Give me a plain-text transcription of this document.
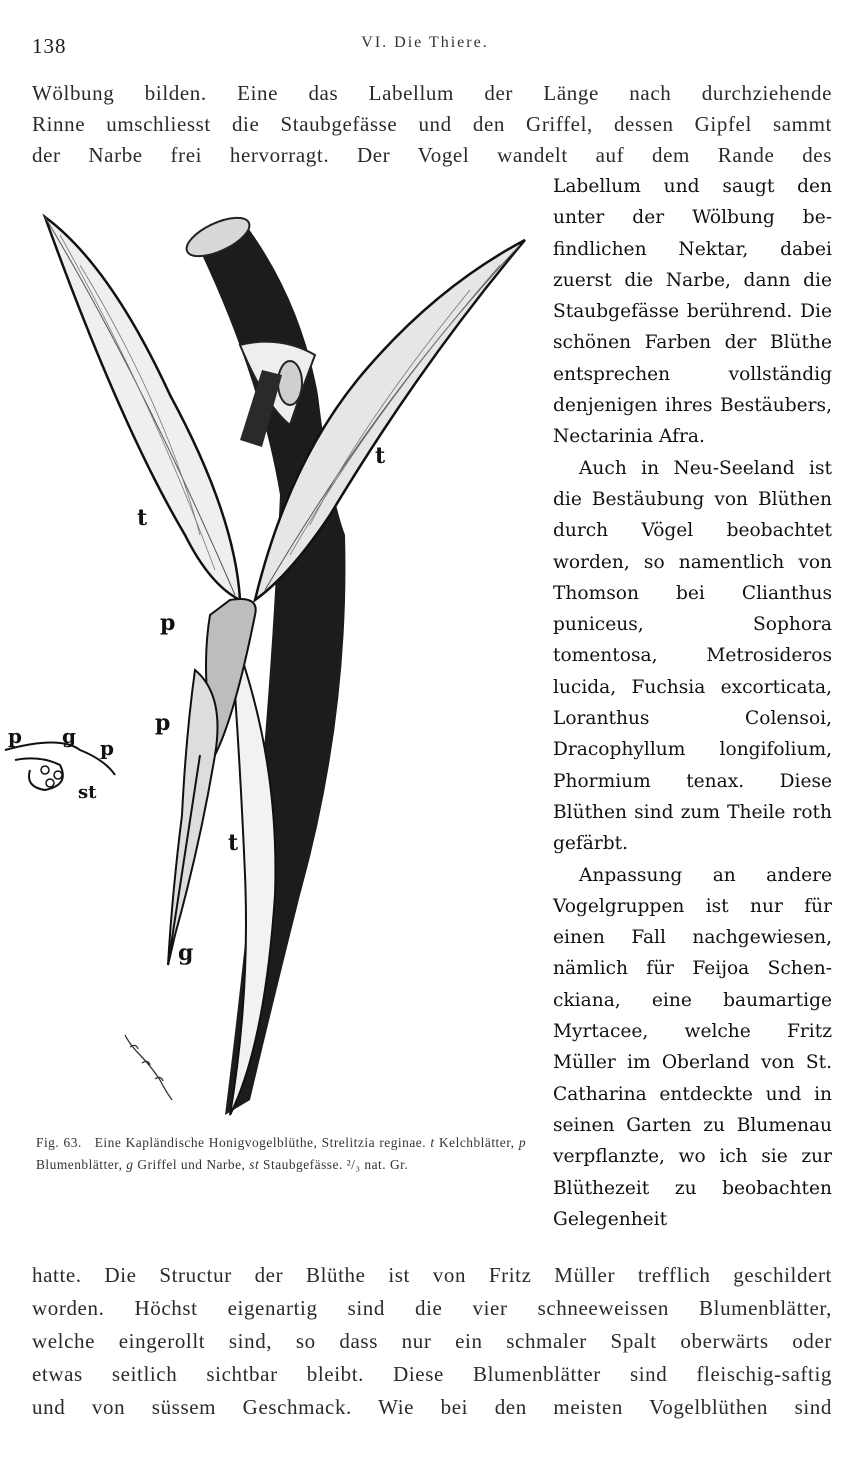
138	VI. Die Thiere.
Wölbung bilden. Eine das Labellum der Länge nach durchziehende
Rinne umschliesst die Staubgefässe und den Griffel, dessen Gipfel sammt
der Narbe frei hervorragt. Der Vogel wandelt auf dem Rande des

Labellum und saugt den unter der Wölbung befindlichen Nektar, dabei zuerst die Narbe, dann die Staubgefässe berührend. Die schönen Farben der Blüthe entsprechen vollständig denjenigen ihres Bestäubers, Nectarinia Afra.

Auch in Neu-Seeland ist die Bestäubung von Blüthen durch Vögel beobachtet worden, so namentlich von Thomson bei Clianthus puniceus, Sophora tomentosa, Metrosideros lucida, Fuchsia excorticata, Loranthus Colensoi, Dracophyllum longifolium, Phormium tenax. Diese Blüthen sind zum Theile roth gefärbt.

Anpassung an andere Vogelgruppen ist nur für einen Fall nachgewiesen, nämlich für Feijoa Schenckiana, eine baumartige Myrtacee, welche Fritz Müller im Oberland von St. Catharina entdeckte und in seinen Garten zu Blumenau verpflanzte, wo ich sie zur Blüthezeit zu beobachten Gelegenheit

t
t
t
p
p
g
p g p
st
Fig. 63. Eine Kapländische Honigvogelblüthe, Strelitzia reginae. t Kelchblätter, p Blumenblätter, g Griffel und Narbe, st Staubgefässe. ²/₃ nat. Gr.
hatte. Die Structur der Blüthe ist von Fritz Müller trefflich geschildert
worden. Höchst eigenartig sind die vier schneeweissen Blumenblätter,
welche eingerollt sind, so dass nur ein schmaler Spalt oberwärts oder
etwas seitlich sichtbar bleibt. Diese Blumenblätter sind fleischig-saftig
und von süssem Geschmack. Wie bei den meisten Vogelblüthen sind
